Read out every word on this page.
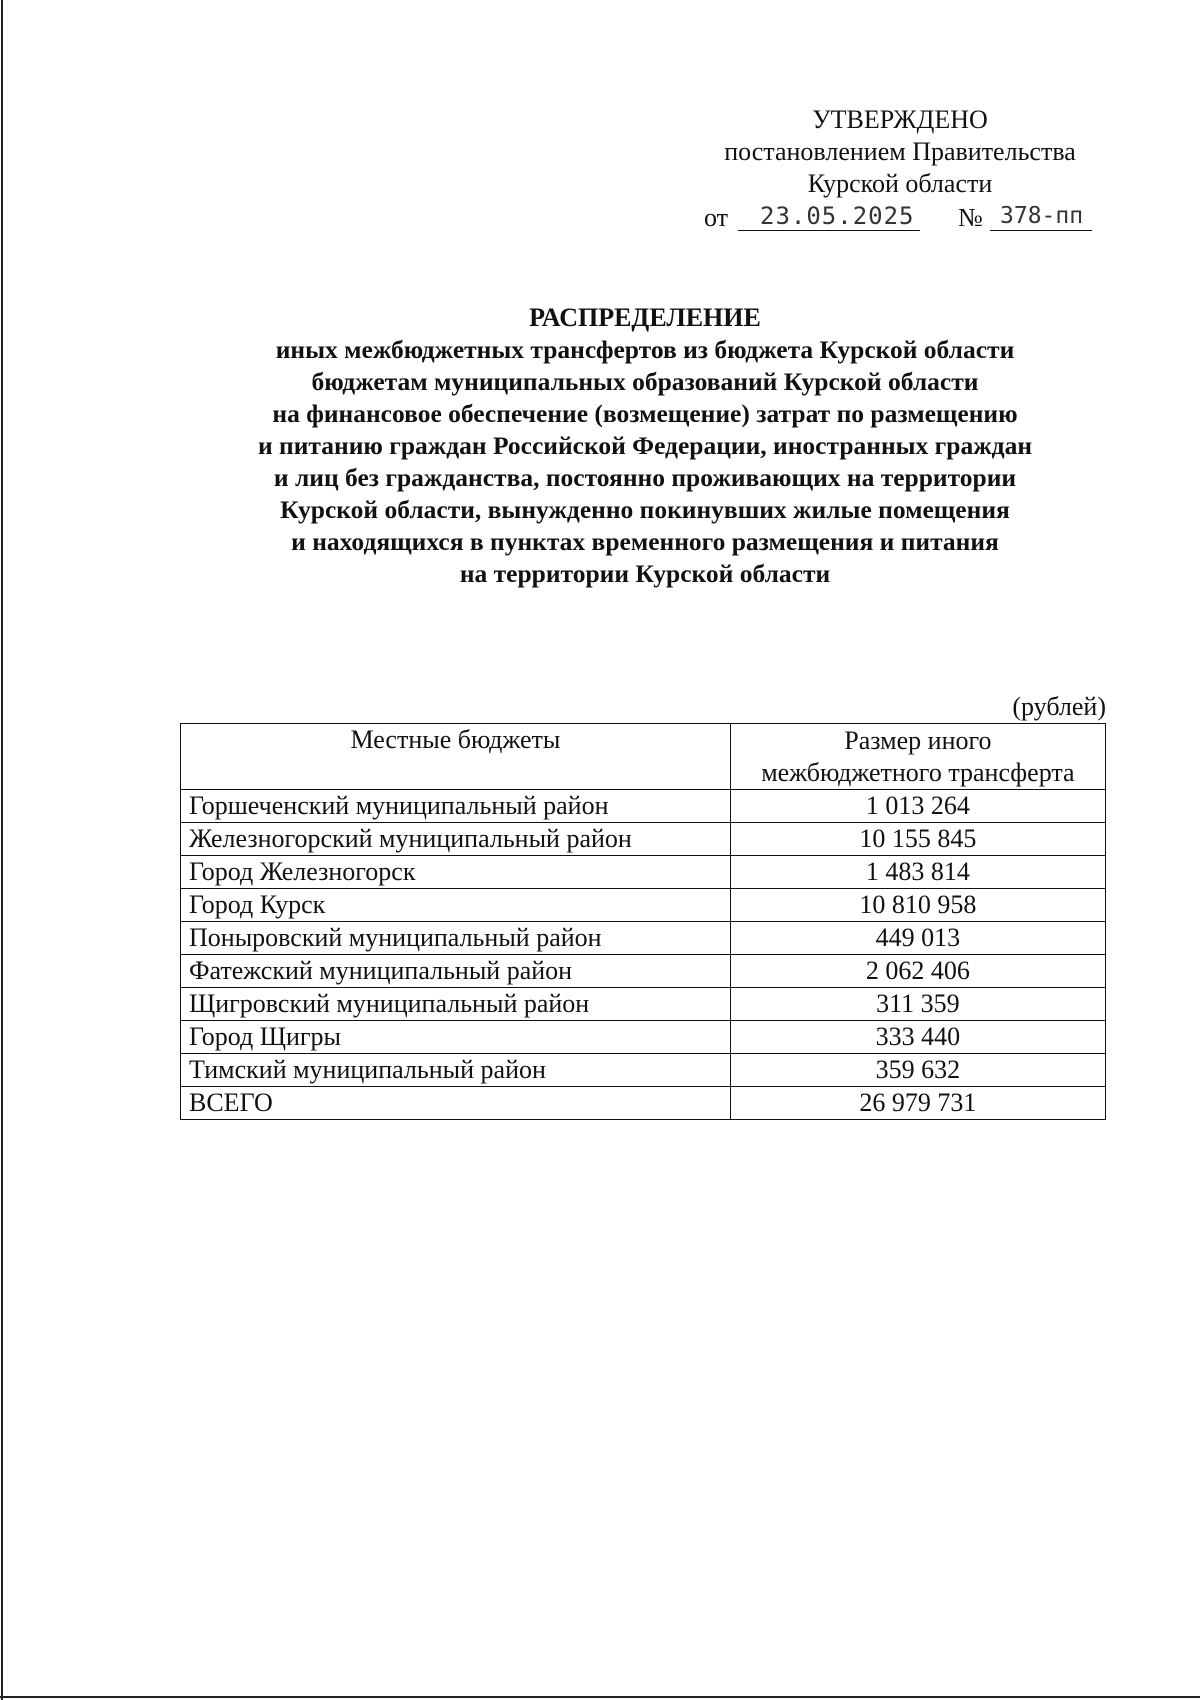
УТВЕРЖДЕНО
постановлением Правительства
Курской области
от 23.05.2025 № 378-пп
РАСПРЕДЕЛЕНИЕ
иных межбюджетных трансфертов из бюджета Курской области
бюджетам муниципальных образований Курской области
на финансовое обеспечение (возмещение) затрат по размещению
и питанию граждан Российской Федерации, иностранных граждан
и лиц без гражданства, постоянно проживающих на территории
Курской области, вынужденно покинувших жилые помещения
и находящихся в пунктах временного размещения и питания
на территории Курской области
(рублей)
Местные бюджеты	Размер иного
межбюджетного трансферта

Горшеченский муниципальный район	1 013 264
Железногорский муниципальный район	10 155 845
Город Железногорск	1 483 814
Город Курск	10 810 958
Поныровский муниципальный район	449 013
Фатежский муниципальный район	2 062 406
Щигровский муниципальный район	311 359
Город Щигры	333 440
Тимский муниципальный район	359 632
ВСЕГО	26 979 731
